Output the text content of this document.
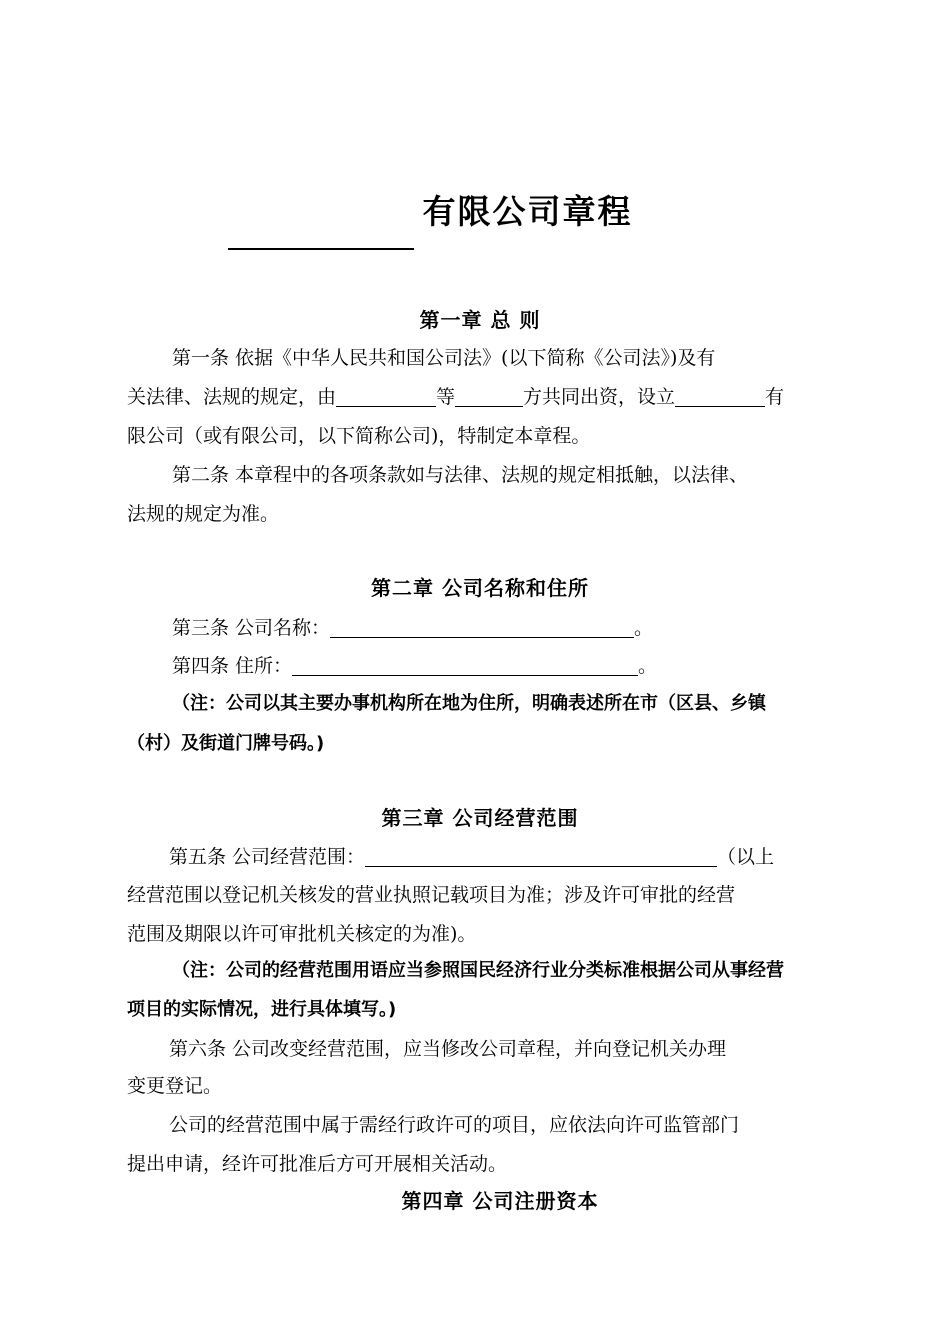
有限公司章程
第一章 总 则
第一条 依据《中华人民共和国公司法》(以下简称《公司法》)及有
关法律、法规的规定，由	等	方共同出资，设立	有
限公司（或有限公司，以下简称公司)，特制定本章程。
第二条 本章程中的各项条款如与法律、法规的规定相抵触，以法律、
法规的规定为准。
第二章 公司名称和住所
第三条 公司名称：	。
第四条 住所：	。
（注：公司以其主要办事机构所在地为住所，明确表述所在市（区县、乡镇
（村）及街道门牌号码。)
第三章 公司经营范围
第五条 公司经营范围：	（以上
经营范围以登记机关核发的营业执照记载项目为准；涉及许可审批的经营
范围及期限以许可审批机关核定的为准)。
（注：公司的经营范围用语应当参照国民经济行业分类标准根据公司从事经营
项目的实际情况，进行具体填写。)
第六条 公司改变经营范围，应当修改公司章程，并向登记机关办理
变更登记。
公司的经营范围中属于需经行政许可的项目，应依法向许可监管部门
提出申请，经许可批准后方可开展相关活动。
第四章 公司注册资本
